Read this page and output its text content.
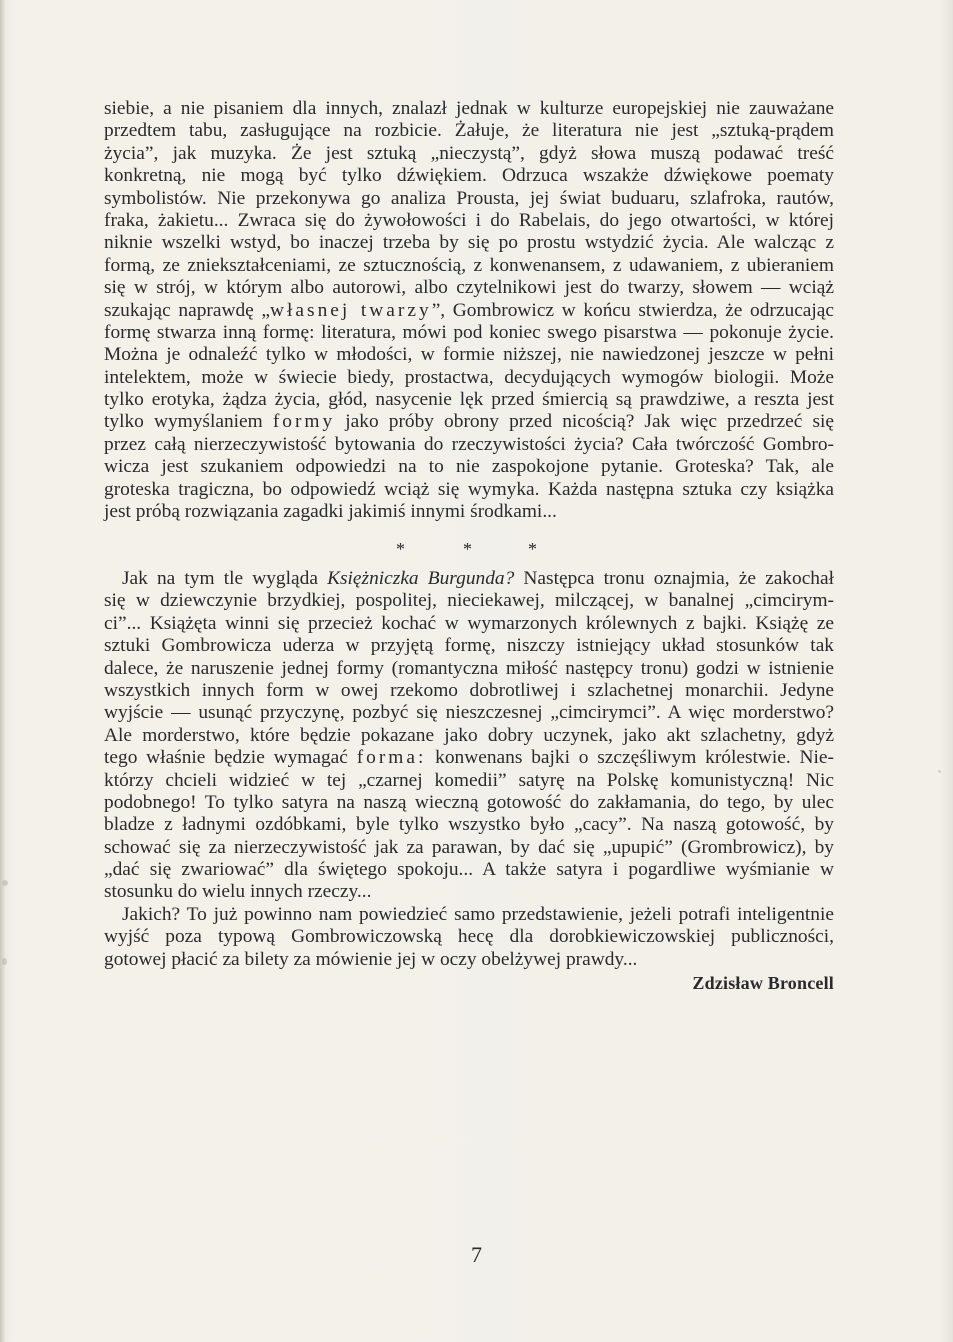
siebie, a nie pisaniem dla innych, znalazł jednak w kulturze europejskiej nie zauważane
przedtem tabu, zasługujące na rozbicie. Żałuje, że literatura nie jest „sztuką-prądem
życia”, jak muzyka. Że jest sztuką „nieczystą”, gdyż słowa muszą podawać treść
konkretną, nie mogą być tylko dźwiękiem. Odrzuca wszakże dźwiękowe poematy
symbolistów. Nie przekonywa go analiza Prousta, jej świat buduaru, szlafroka, rautów,
fraka, żakietu... Zwraca się do żywołowości i do Rabelais, do jego otwartości, w której
niknie wszelki wstyd, bo inaczej trzeba by się po prostu wstydzić życia. Ale walcząc z
formą, ze zniekształceniami, ze sztucznością, z konwenansem, z udawaniem, z ubieraniem
się w strój, w którym albo autorowi, albo czytelnikowi jest do twarzy, słowem — wciąż
szukając naprawdę „własnej twarzy”, Gombrowicz w końcu stwierdza, że odrzucając
formę stwarza inną formę: literatura, mówi pod koniec swego pisarstwa — pokonuje życie.
Można je odnaleźć tylko w młodości, w formie niższej, nie nawiedzonej jeszcze w pełni
intelektem, może w świecie biedy, prostactwa, decydujących wymogów biologii. Może
tylko erotyka, żądza życia, głód, nasycenie lęk przed śmiercią są prawdziwe, a reszta jest
tylko wymyślaniem formy jako próby obrony przed nicością? Jak więc przedrzeć się
przez całą nierzeczywistość bytowania do rzeczywistości życia? Cała twórczość Gombro-
wicza jest szukaniem odpowiedzi na to nie zaspokojone pytanie. Groteska? Tak, ale
groteska tragiczna, bo odpowiedź wciąż się wymyka. Każda następna sztuka czy książka
jest próbą rozwiązania zagadki jakimiś innymi środkami...
*	*	*
Jak na tym tle wygląda Księżniczka Burgunda? Następca tronu oznajmia, że zakochał
się w dziewczynie brzydkiej, pospolitej, nieciekawej, milczącej, w banalnej „cimcirym-
ci”... Książęta winni się przecież kochać w wymarzonych królewnych z bajki. Książę ze
sztuki Gombrowicza uderza w przyjętą formę, niszczy istniejący układ stosunków tak
dalece, że naruszenie jednej formy (romantyczna miłość następcy tronu) godzi w istnienie
wszystkich innych form w owej rzekomo dobrotliwej i szlachetnej monarchii. Jedyne
wyjście — usunąć przyczynę, pozbyć się nieszczesnej „cimcirymci”. A więc morderstwo?
Ale morderstwo, które będzie pokazane jako dobry uczynek, jako akt szlachetny, gdyż
tego właśnie będzie wymagać forma: konwenans bajki o szczęśliwym królestwie. Nie-
którzy chcieli widzieć w tej „czarnej komedii” satyrę na Polskę komunistyczną! Nic
podobnego! To tylko satyra na naszą wieczną gotowość do zakłamania, do tego, by ulec
bladze z ładnymi ozdóbkami, byle tylko wszystko było „cacy”. Na naszą gotowość, by
schować się za nierzeczywistość jak za parawan, by dać się „upupić” (Grombrowicz), by
„dać się zwariować” dla świętego spokoju... A także satyra i pogardliwe wyśmianie w
stosunku do wielu innych rzeczy...
Jakich? To już powinno nam powiedzieć samo przedstawienie, jeżeli potrafi inteligentnie
wyjść poza typową Gombrowiczowską hecę dla dorobkiewiczowskiej publiczności,
gotowej płacić za bilety za mówienie jej w oczy obelżywej prawdy...
Zdzisław Broncell
7
